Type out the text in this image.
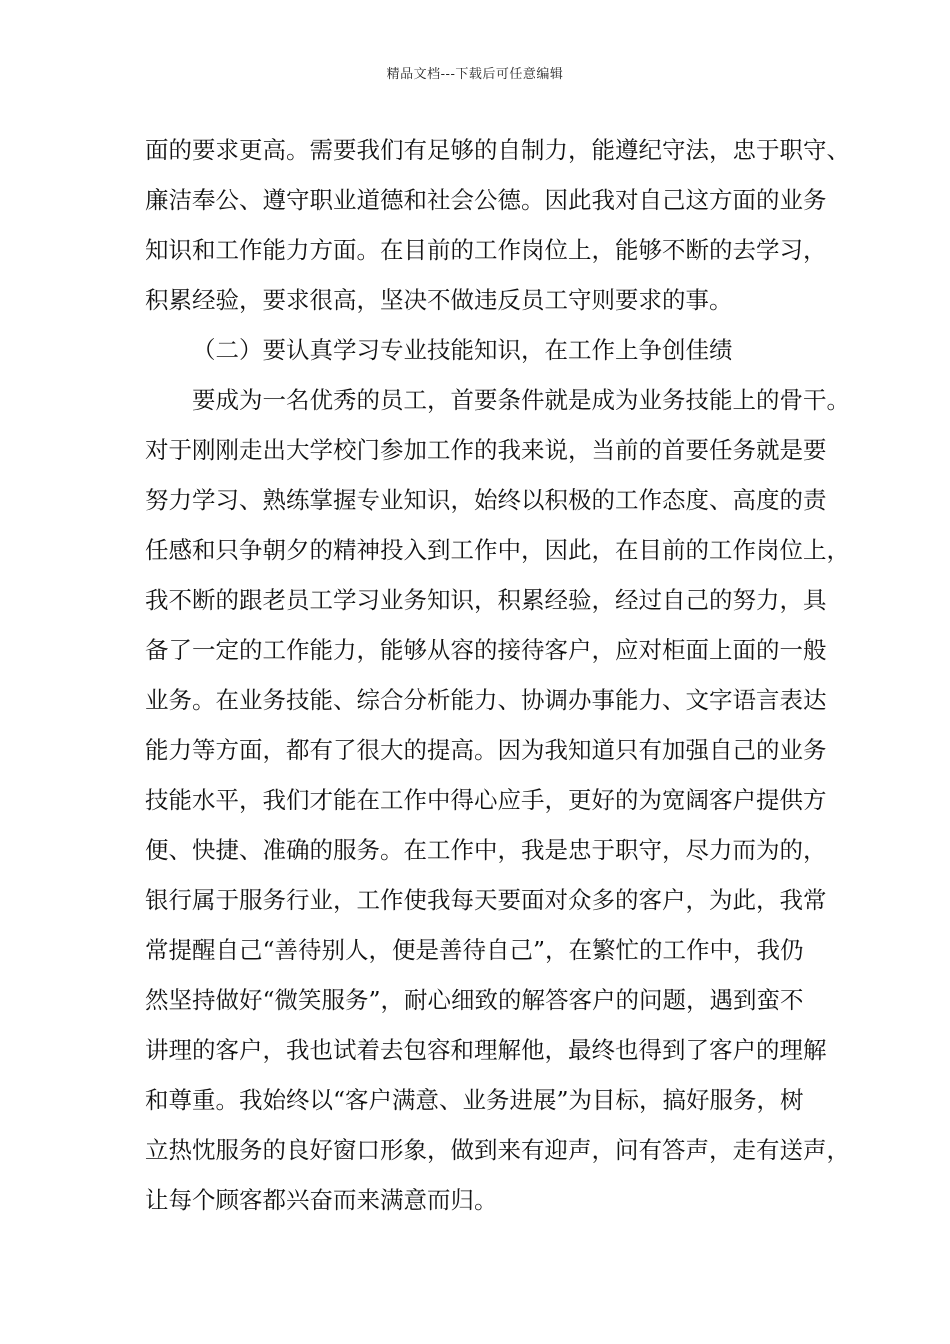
精品文档---下载后可任意编辑
面的要求更高。需要我们有足够的自制力，能遵纪守法，忠于职守、
廉洁奉公、遵守职业道德和社会公德。因此我对自己这方面的业务
知识和工作能力方面。在目前的工作岗位上，能够不断的去学习，
积累经验，要求很高，坚决不做违反员工守则要求的事。
（二）要认真学习专业技能知识，在工作上争创佳绩
要成为一名优秀的员工，首要条件就是成为业务技能上的骨干。
对于刚刚走出大学校门参加工作的我来说，当前的首要任务就是要
努力学习、熟练掌握专业知识，始终以积极的工作态度、高度的责
任感和只争朝夕的精神投入到工作中，因此，在目前的工作岗位上，
我不断的跟老员工学习业务知识，积累经验，经过自己的努力，具
备了一定的工作能力，能够从容的接待客户，应对柜面上面的一般
业务。在业务技能、综合分析能力、协调办事能力、文字语言表达
能力等方面，都有了很大的提高。因为我知道只有加强自己的业务
技能水平，我们才能在工作中得心应手，更好的为宽阔客户提供方
便、快捷、准确的服务。在工作中，我是忠于职守，尽力而为的，
银行属于服务行业，工作使我每天要面对众多的客户，为此，我常
常提醒自己“善待别人，便是善待自己”，在繁忙的工作中，我仍
然坚持做好“微笑服务”，耐心细致的解答客户的问题，遇到蛮不
讲理的客户，我也试着去包容和理解他，最终也得到了客户的理解
和尊重。我始终以“客户满意、业务进展”为目标，搞好服务，树
立热忱服务的良好窗口形象，做到来有迎声，问有答声，走有送声，
让每个顾客都兴奋而来满意而归。
